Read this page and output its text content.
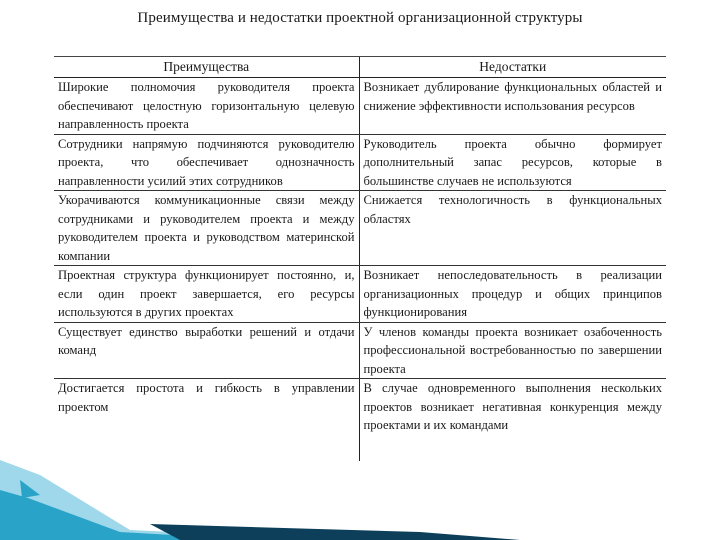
Преимущества и недостатки проектной организационной структуры
Преимущества	Недостатки
Широкие полномочия руководителя проекта обеспечивают целостную горизонтальную целевую направленность проекта	Возникает дублирование функциональных областей и снижение эффективности использования ресурсов
Сотрудники напрямую подчиняются руководителю проекта, что обеспечивает однозначность направленности усилий этих сотрудников	Руководитель проекта обычно формирует дополнительный запас ресурсов, которые в большинстве случаев не используются
Укорачиваются коммуникационные связи между сотрудниками и руководителем проекта и между руководителем проекта и руководством материнской компании	Снижается технологичность в функциональных областях
Проектная структура функционирует постоянно, и, если один проект завершается, его ресурсы используются в других проектах	Возникает непоследовательность в реализации организационных процедур и общих принципов функционирования
Существует единство выработки решений и отдачи команд	У членов команды проекта возникает озабоченность профессиональной востребованностью по завершении проекта
Достигается простота и гибкость в управлении проектом	В случае одновременного выполнения нескольких проектов возникает негативная конкуренция между проектами и их командами
